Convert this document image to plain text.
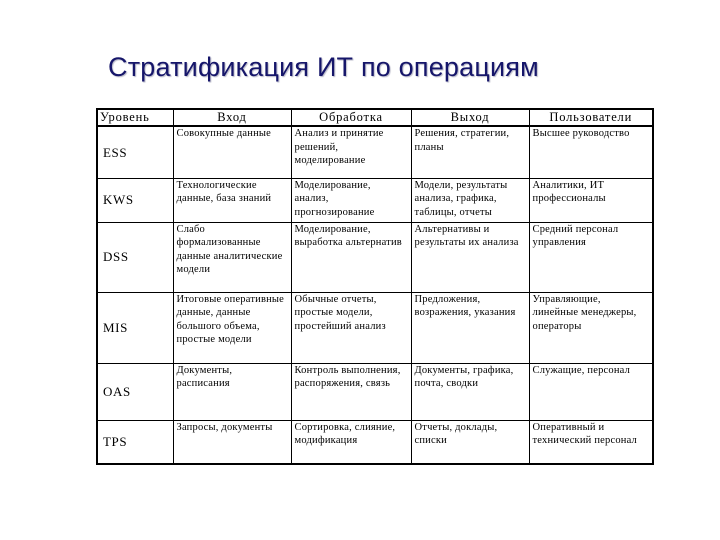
Стратификация ИТ по операциям
Уровень	Вход	Обработка	Выход	Пользователи
ESS	Совокупные данные	Анализ и принятие решений, моделирование	Решения, стратегии, планы	Высшее руководство
KWS	Технологические данные, база знаний	Моделирование, анализ, прогнозирование	Модели, результаты анализа, графика, таблицы, отчеты	Аналитики, ИТ профессионалы
DSS	Слабо формализованные данные аналитические модели	Моделирование, выработка альтернатив	Альтернативы и результаты их анализа	Средний персонал управления
MIS	Итоговые оперативные данные, данные большого объема, простые модели	Обычные отчеты, простые модели, простейший анализ	Предложения, возражения, указания	Управляющие, линейные менеджеры, операторы
OAS	Документы, расписания	Контроль выполнения, распоряжения, связь	Документы, графика, почта, сводки	Служащие, персонал
TPS	Запросы, документы	Сортировка, слияние, модификация	Отчеты, доклады, списки	Оперативный и технический персонал
